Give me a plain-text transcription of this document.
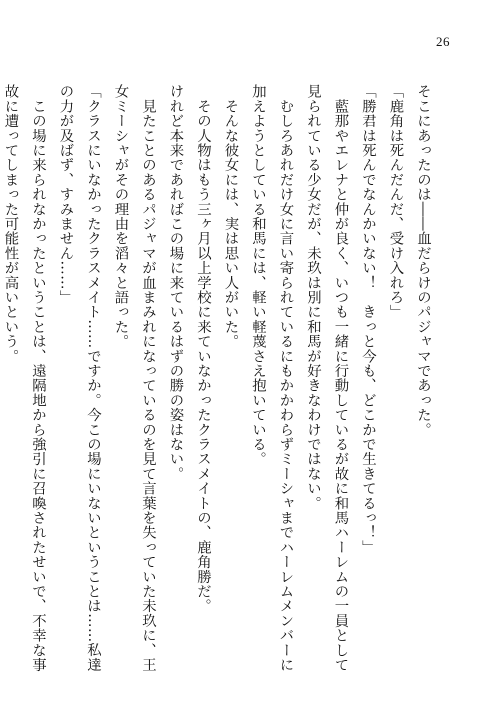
26
そこにあったのは――血だらけのパジャマであった。
「鹿角は死んだんだ、受け入れろ」
「勝君は死んでなんかいない！　きっと今も、どこかで生きてるっ！」
　藍那やエレナと仲が良く、いつも一緒に行動しているが故に和馬ハーレムの一員として
見られている少女だが、未玖は別に和馬が好きなわけではない。
　むしろあれだけ女に言い寄られているにもかかわらずミーシャまでハーレムメンバーに
加えようとしている和馬には、軽い軽蔑さえ抱いている。
　そんな彼女には、実は思い人がいた。
　その人物はもう三ヶ月以上学校に来ていなかったクラスメイトの、鹿角勝だ。
けれど本来であればこの場に来ているはずの勝の姿はない。
　見たことのあるパジャマが血まみれになっているのを見て言葉を失っていた未玖に、王
女ミーシャがその理由を滔々と語った。
「クラスにいなかったクラスメイト……ですか。今この場にいないということは……私達
の力が及ばず、すみません……」
　この場に来られなかったということは、遠隔地から強引に召喚されたせいで、不幸な事
故に遭ってしまった可能性が高いという。
